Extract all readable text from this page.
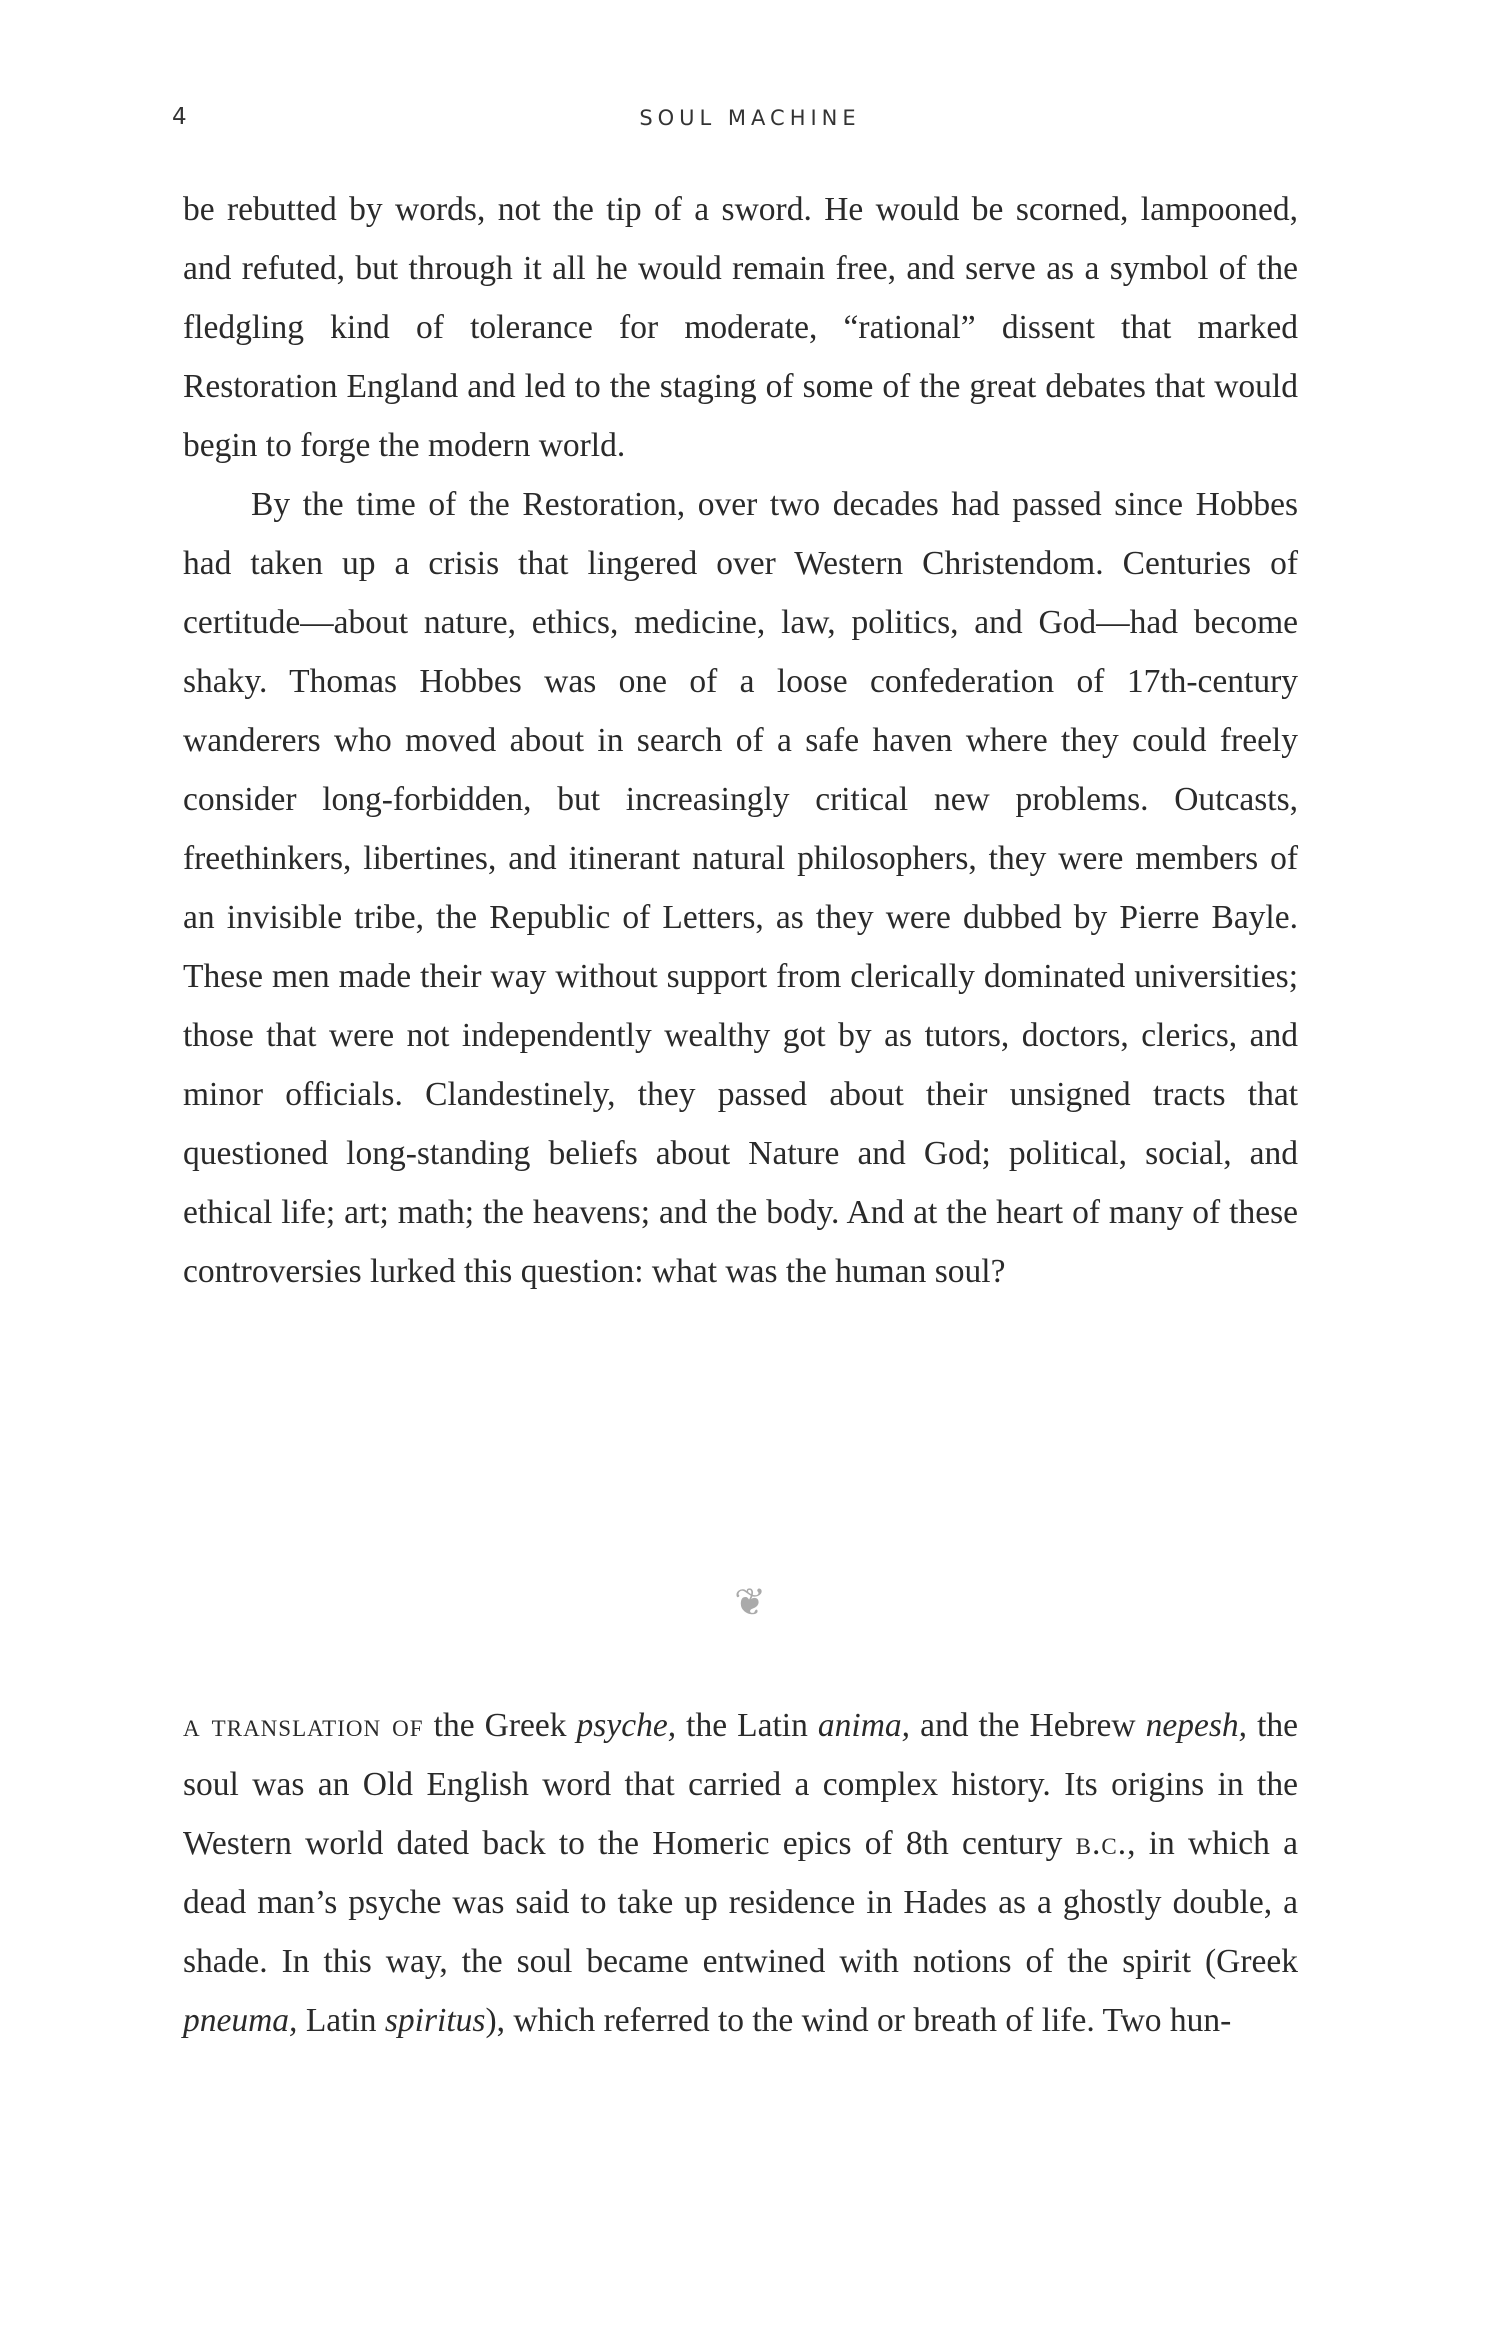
4	SOUL MACHINE

be rebutted by words, not the tip of a sword. He would be scorned, lampooned, and refuted, but through it all he would remain free, and serve as a symbol of the fledgling kind of tolerance for moderate, “rational” dissent that marked Restoration England and led to the staging of some of the great debates that would begin to forge the modern world.

By the time of the Restoration, over two decades had passed since Hobbes had taken up a crisis that lingered over Western Christendom. Centuries of certitude—about nature, ethics, medicine, law, politics, and God—had become shaky. Thomas Hobbes was one of a loose confederation of 17th-century wanderers who moved about in search of a safe haven where they could freely consider long-forbidden, but increasingly critical new problems. Outcasts, freethinkers, libertines, and itinerant natural philosophers, they were members of an invisible tribe, the Republic of Letters, as they were dubbed by Pierre Bayle. These men made their way without support from clerically dominated universities; those that were not independently wealthy got by as tutors, doctors, clerics, and minor officials. Clandestinely, they passed about their unsigned tracts that questioned long-standing beliefs about Nature and God; political, social, and ethical life; art; math; the heavens; and the body. And at the heart of many of these controversies lurked this question: what was the human soul?

❦

a translation of the Greek psyche, the Latin anima, and the Hebrew nepesh, the soul was an Old English word that carried a complex history. Its origins in the Western world dated back to the Homeric epics of 8th century b.c., in which a dead man’s psyche was said to take up residence in Hades as a ghostly double, a shade. In this way, the soul became entwined with notions of the spirit (Greek pneuma, Latin spiritus), which referred to the wind or breath of life. Two hun-
